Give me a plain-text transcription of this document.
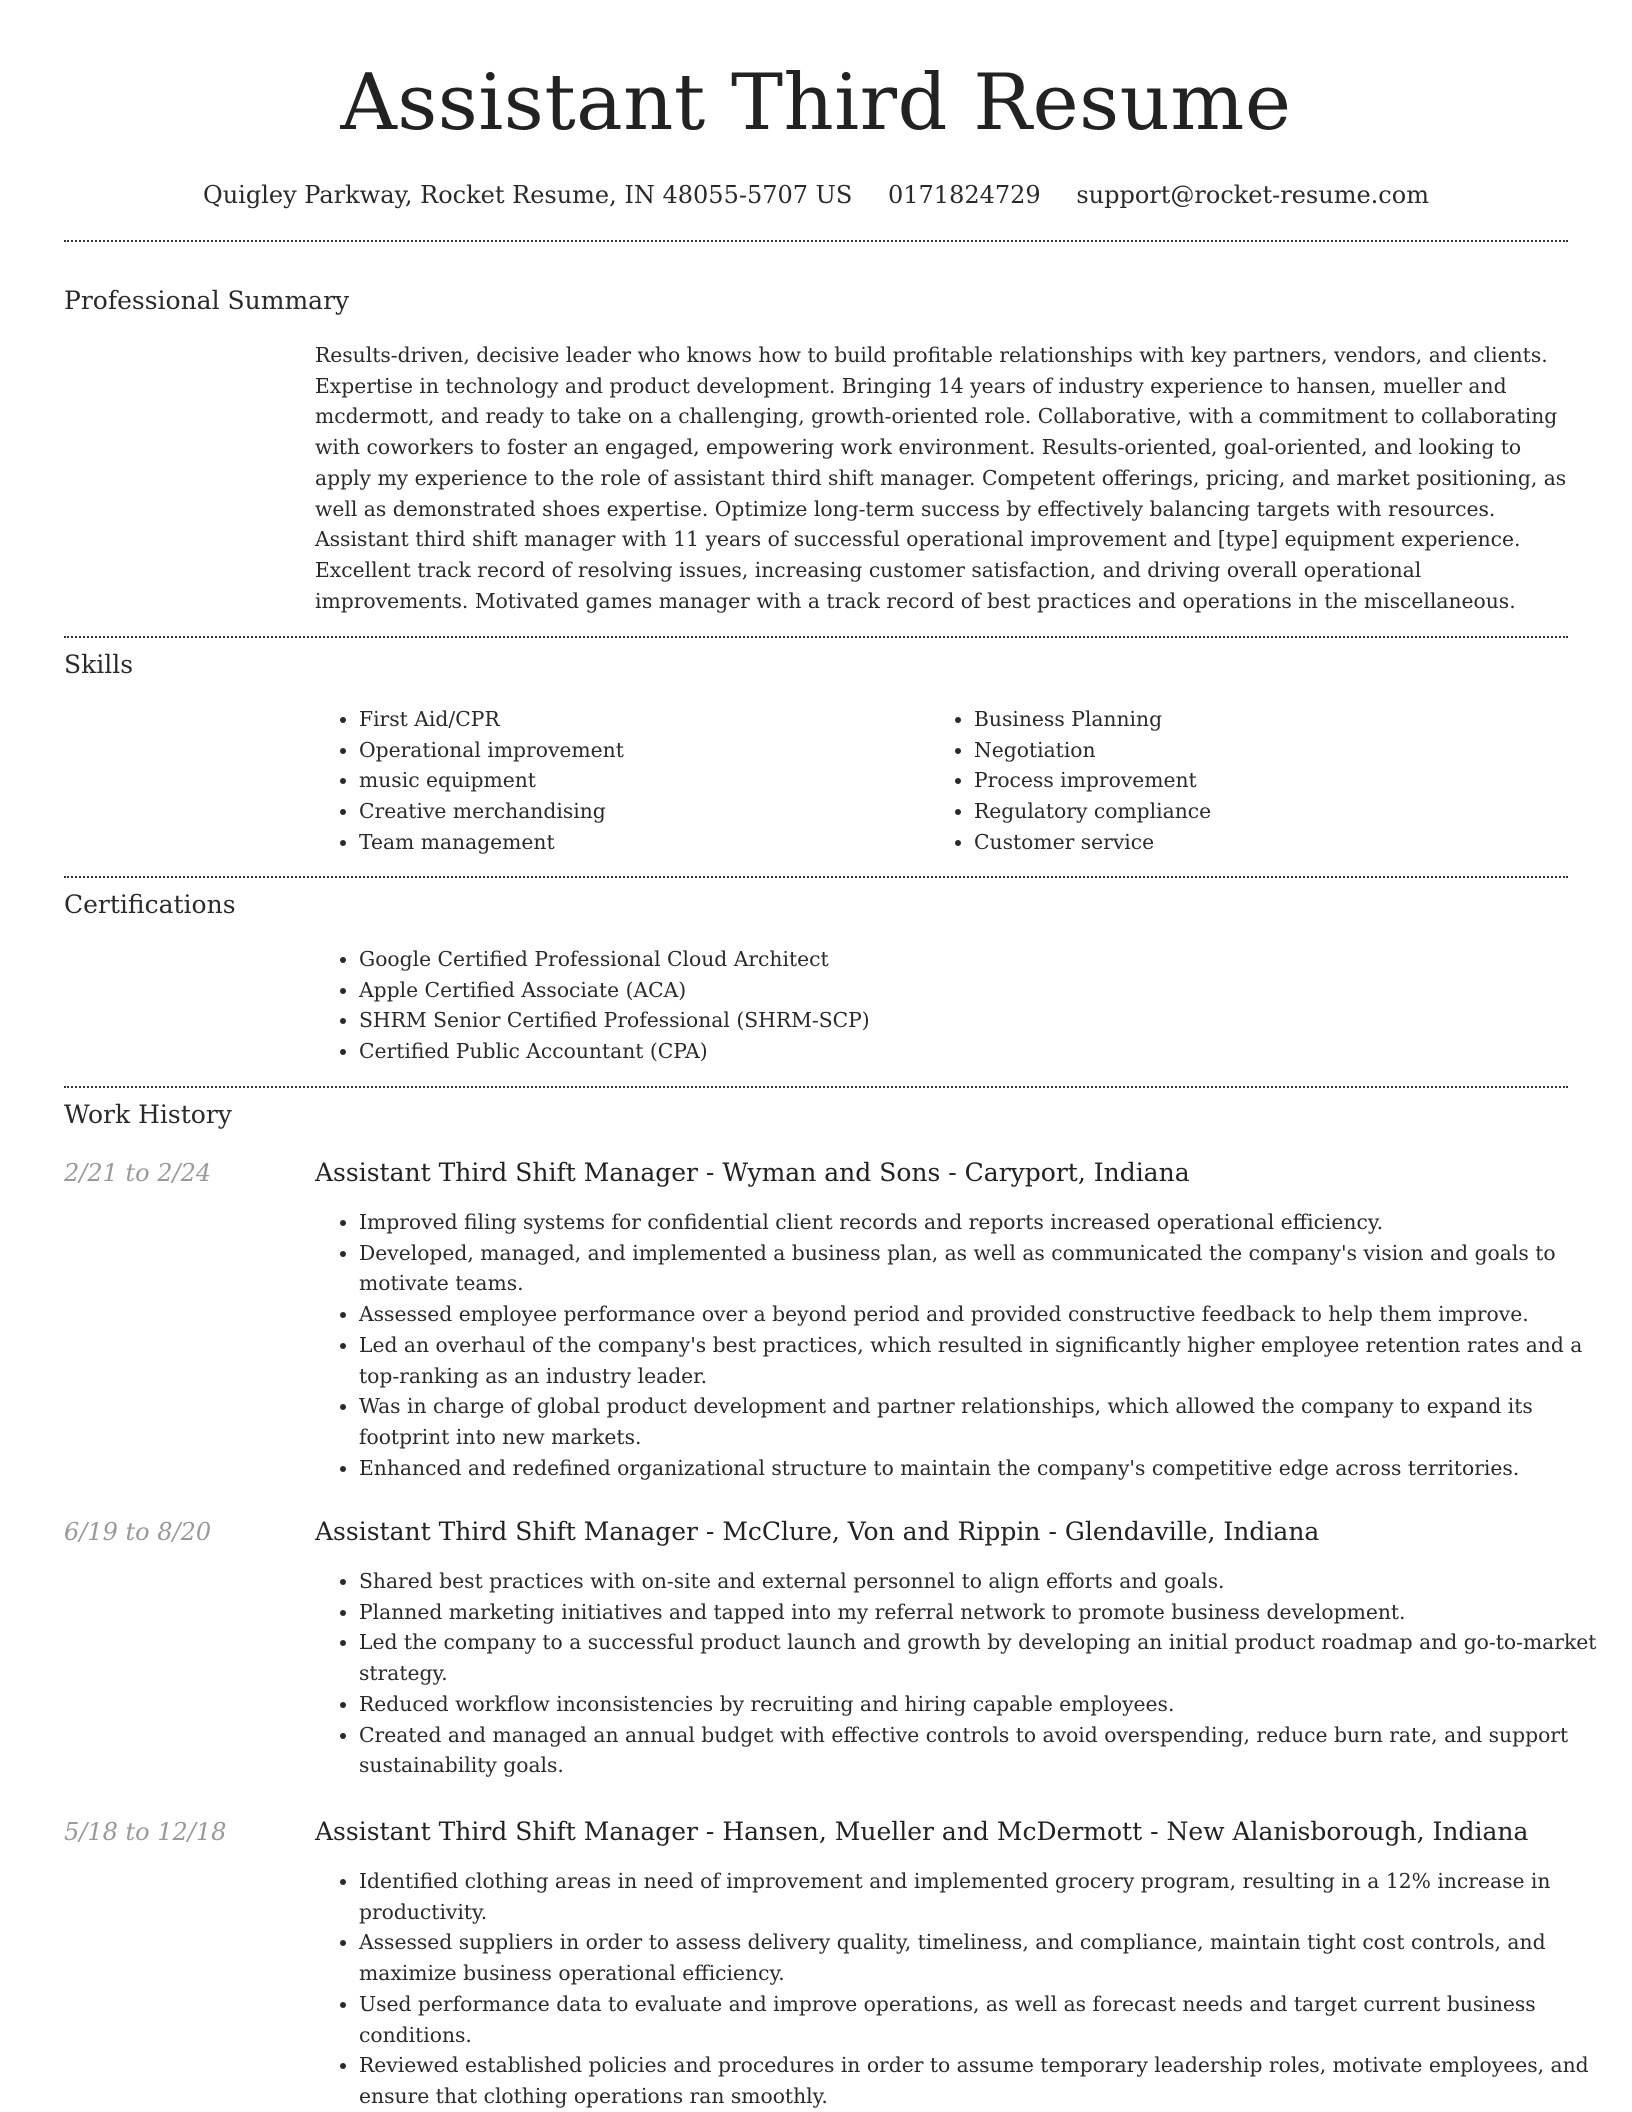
Assistant Third Resume
Quigley Parkway, Rocket Resume, IN 48055-5707 US 0171824729 support@rocket-resume.com
Professional Summary

Results-driven, decisive leader who knows how to build profitable relationships with key partners, vendors, and clients. Expertise in technology and product development. Bringing 14 years of industry experience to hansen, mueller and mcdermott, and ready to take on a challenging, growth-oriented role. Collaborative, with a commitment to collaborating with coworkers to foster an engaged, empowering work environment. Results-oriented, goal-oriented, and looking to apply my experience to the role of assistant third shift manager. Competent offerings, pricing, and market positioning, as well as demonstrated shoes expertise. Optimize long-term success by effectively balancing targets with resources. Assistant third shift manager with 11 years of successful operational improvement and [type] equipment experience. Excellent track record of resolving issues, increasing customer satisfaction, and driving overall operational improvements. Motivated games manager with a track record of best practices and operations in the miscellaneous.

Skills
• First Aid/CPR
• Operational improvement
• music equipment
• Creative merchandising
• Team management
• Business Planning
• Negotiation
• Process improvement
• Regulatory compliance
• Customer service
Certifications
• Google Certified Professional Cloud Architect
• Apple Certified Associate (ACA)
• SHRM Senior Certified Professional (SHRM-SCP)
• Certified Public Accountant (CPA)
Work History
2/21 to 2/24	Assistant Third Shift Manager - Wyman and Sons - Caryport, Indiana
• Improved filing systems for confidential client records and reports increased operational efficiency.
• Developed, managed, and implemented a business plan, as well as communicated the company's vision and goals to motivate teams.
• Assessed employee performance over a beyond period and provided constructive feedback to help them improve.
• Led an overhaul of the company's best practices, which resulted in significantly higher employee retention rates and a top-ranking as an industry leader.
• Was in charge of global product development and partner relationships, which allowed the company to expand its footprint into new markets.
• Enhanced and redefined organizational structure to maintain the company's competitive edge across territories.
6/19 to 8/20	Assistant Third Shift Manager - McClure, Von and Rippin - Glendaville, Indiana
• Shared best practices with on-site and external personnel to align efforts and goals.
• Planned marketing initiatives and tapped into my referral network to promote business development.
• Led the company to a successful product launch and growth by developing an initial product roadmap and go-to-market strategy.
• Reduced workflow inconsistencies by recruiting and hiring capable employees.
• Created and managed an annual budget with effective controls to avoid overspending, reduce burn rate, and support sustainability goals.
5/18 to 12/18	Assistant Third Shift Manager - Hansen, Mueller and McDermott - New Alanisborough, Indiana
• Identified clothing areas in need of improvement and implemented grocery program, resulting in a 12% increase in productivity.
• Assessed suppliers in order to assess delivery quality, timeliness, and compliance, maintain tight cost controls, and maximize business operational efficiency.
• Used performance data to evaluate and improve operations, as well as forecast needs and target current business conditions.
• Reviewed established policies and procedures in order to assume temporary leadership roles, motivate employees, and ensure that clothing operations ran smoothly.
